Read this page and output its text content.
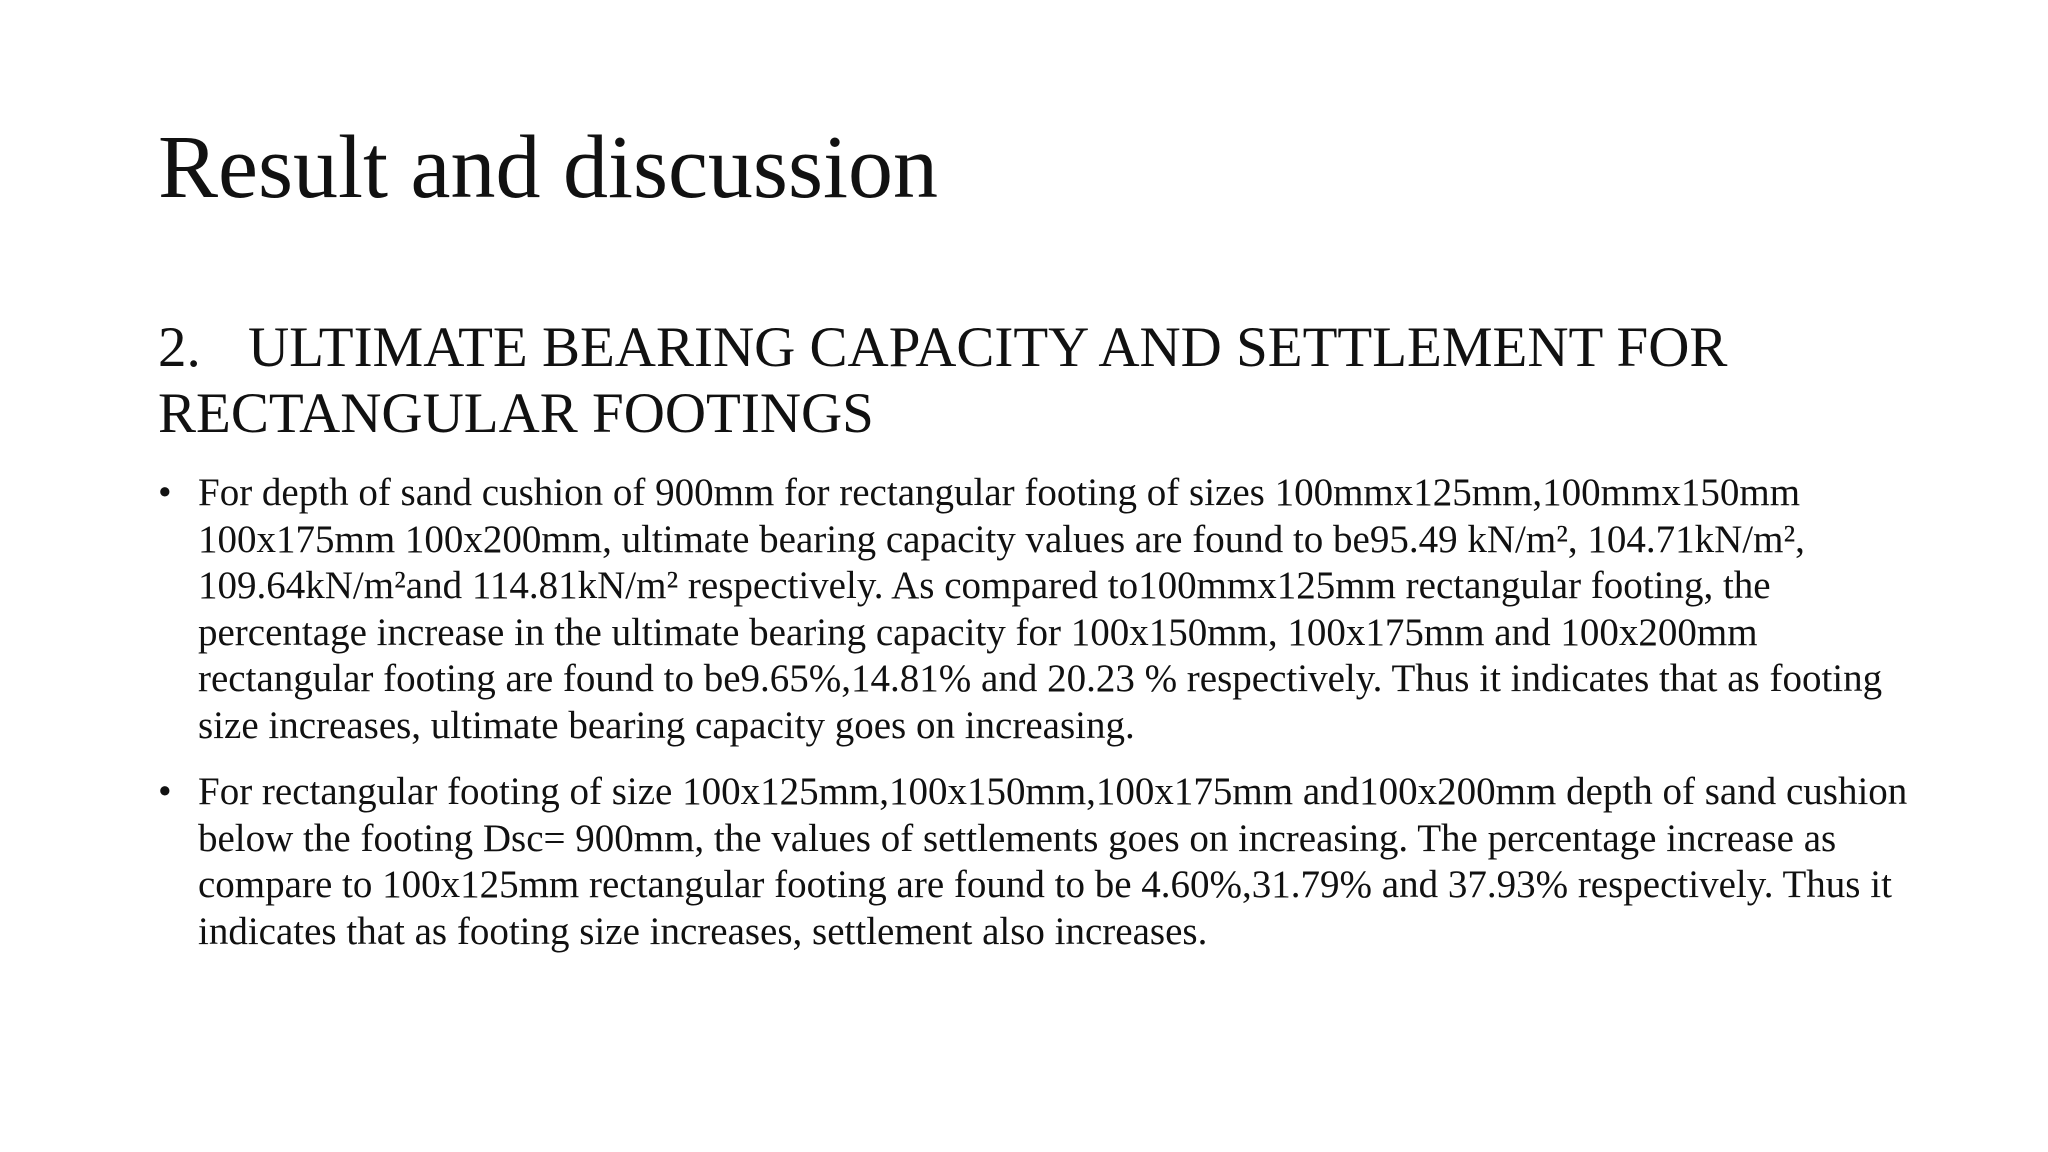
Result and discussion
2. ULTIMATE BEARING CAPACITY AND SETTLEMENT FOR RECTANGULAR FOOTINGS
• For depth of sand cushion of 900mm for rectangular footing of sizes 100mmx125mm,100mmx150mm 100x175mm 100x200mm, ultimate bearing capacity values are found to be95.49 kN/m², 104.71kN/m², 109.64kN/m²and 114.81kN/m² respectively. As compared to100mmx125mm rectangular footing, the percentage increase in the ultimate bearing capacity for 100x150mm, 100x175mm and 100x200mm rectangular footing are found to be9.65%,14.81% and 20.23 % respectively. Thus it indicates that as footing size increases, ultimate bearing capacity goes on increasing.
• For rectangular footing of size 100x125mm,100x150mm,100x175mm and100x200mm depth of sand cushion below the footing Dsc= 900mm, the values of settlements goes on increasing. The percentage increase as compare to 100x125mm rectangular footing are found to be 4.60%,31.79% and 37.93% respectively. Thus it indicates that as footing size increases, settlement also increases.
